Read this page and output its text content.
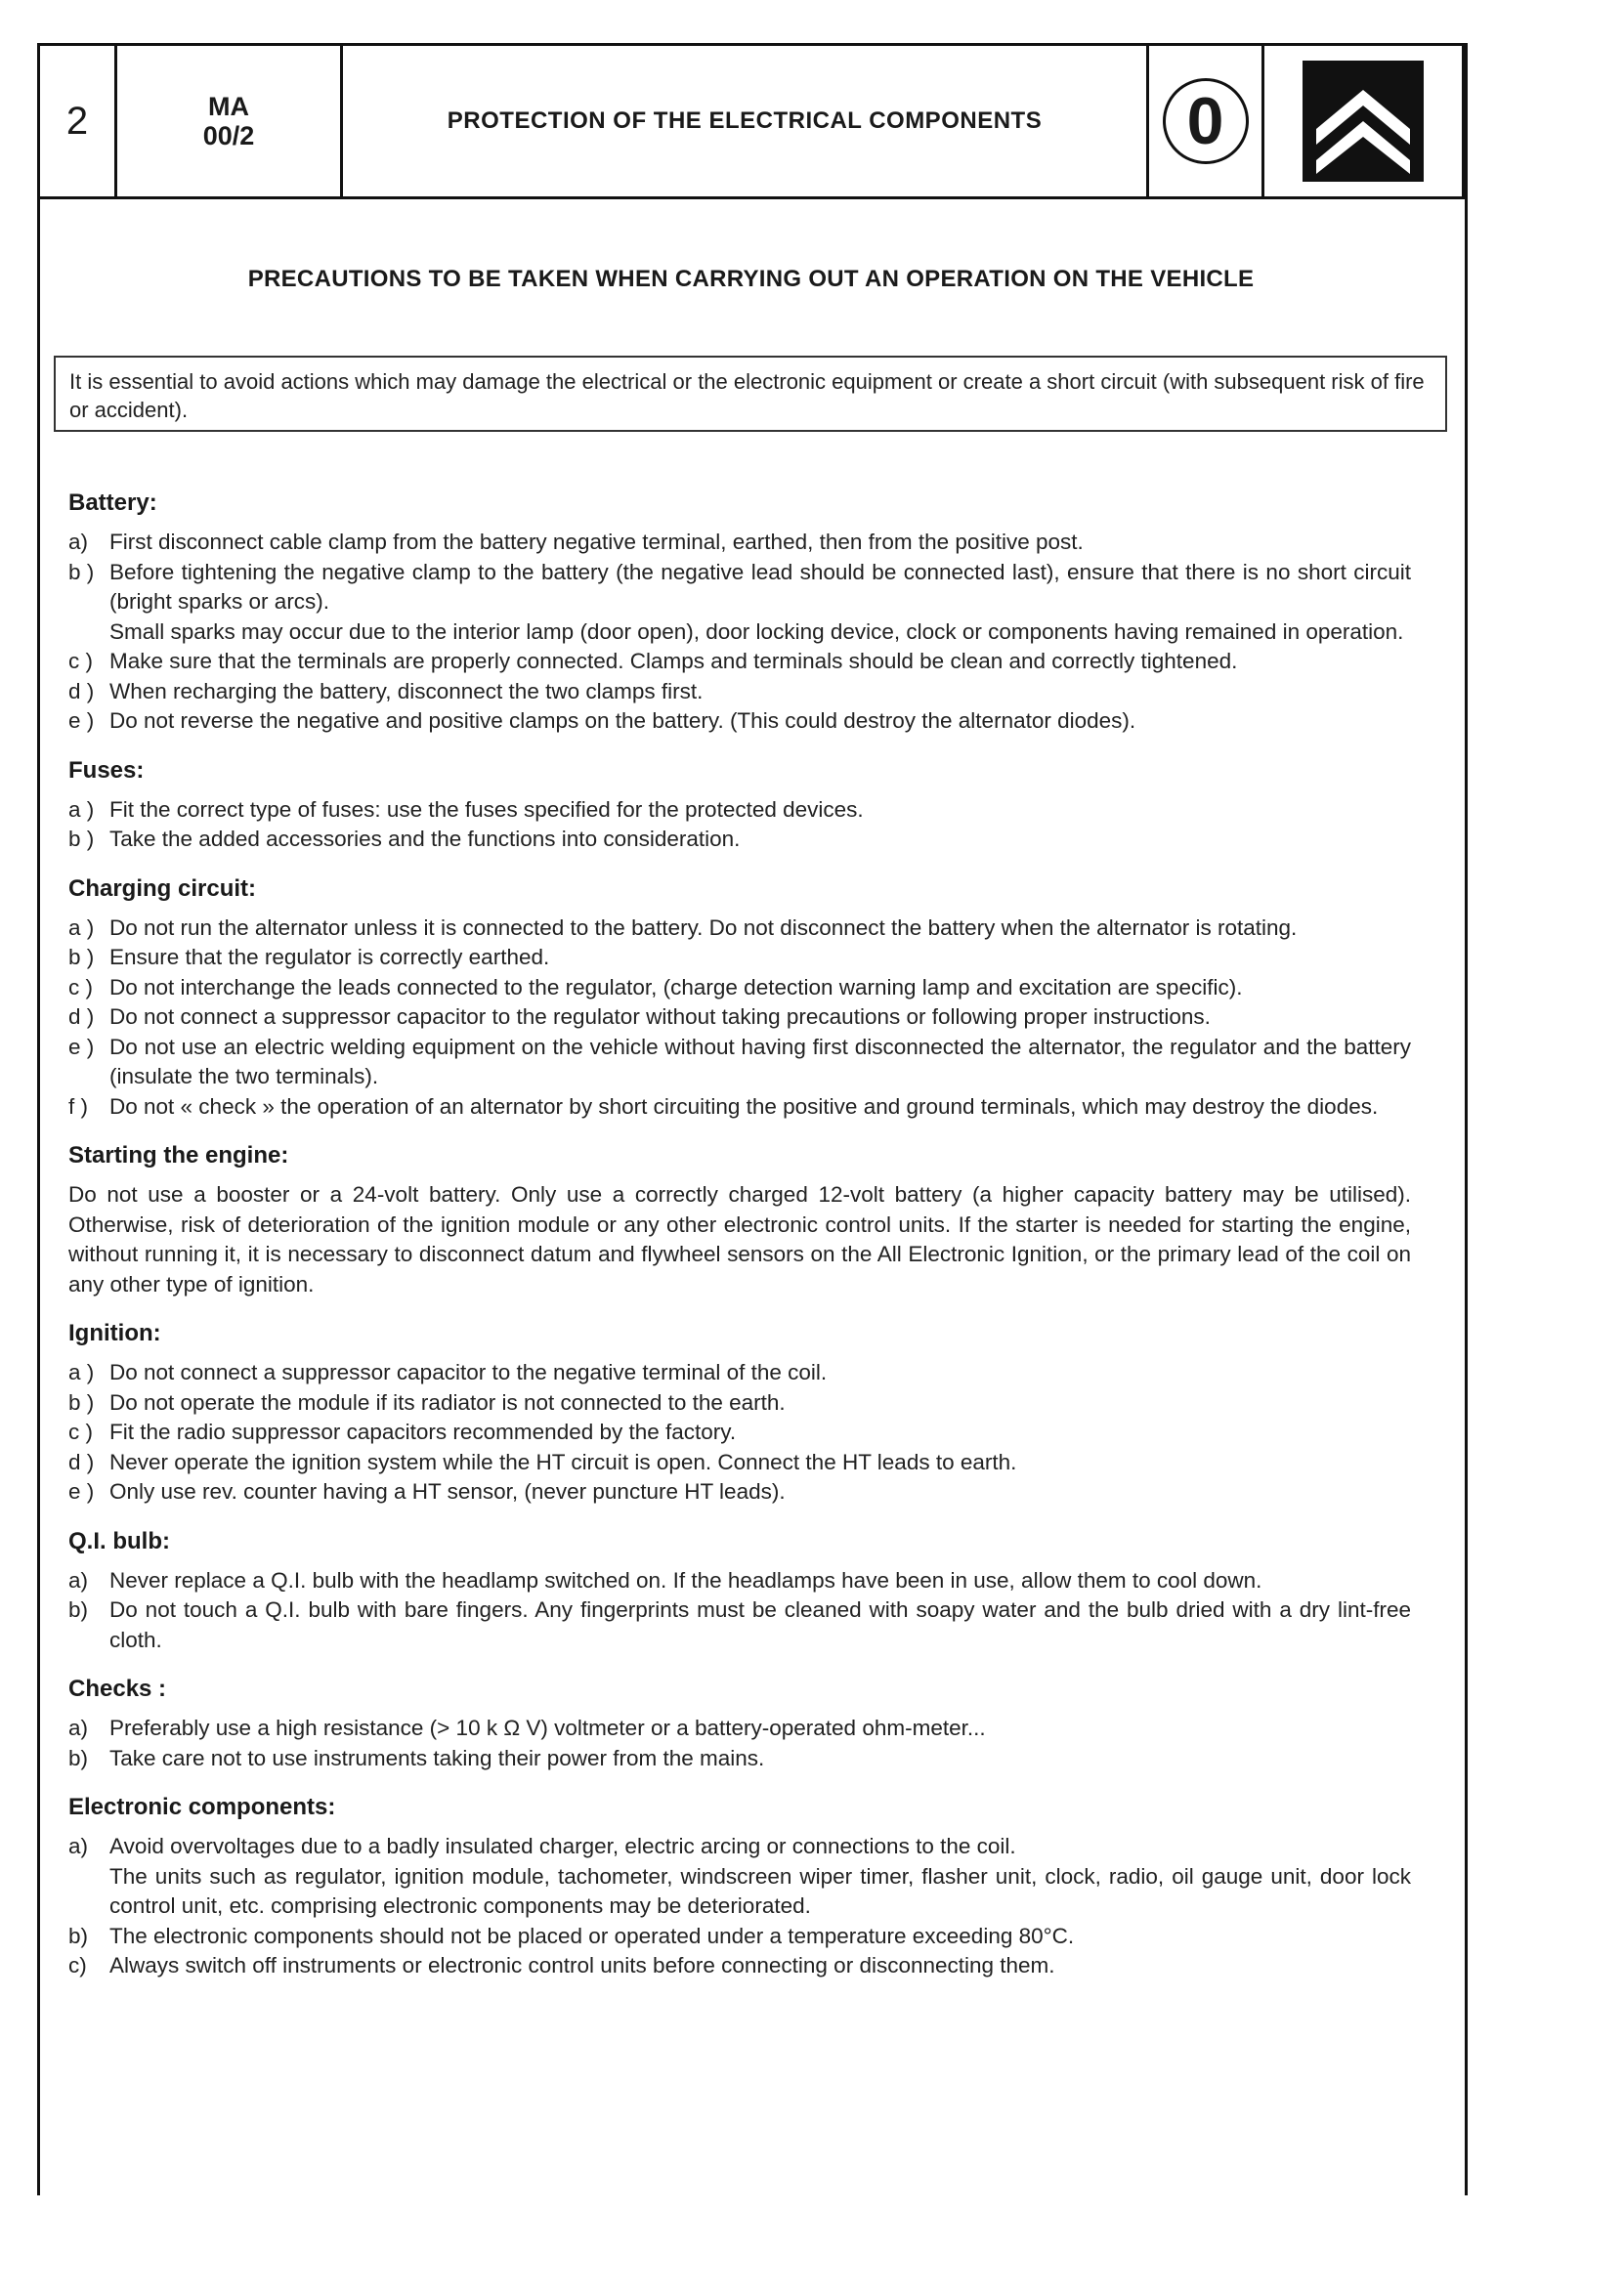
2	MA
00/2
PROTECTION OF THE ELECTRICAL COMPONENTS	0
PRECAUTIONS TO BE TAKEN WHEN CARRYING OUT AN OPERATION ON THE VEHICLE
It is essential to avoid actions which may damage the electrical or the electronic equipment or create a short circuit (with subsequent risk of fire or accident).
Battery:
a) First disconnect cable clamp from the battery negative terminal, earthed, then from the positive post.
b ) Before tightening the negative clamp to the battery (the negative lead should be connected last), ensure that there is no short circuit (bright sparks or arcs).

Small sparks may occur due to the interior lamp (door open), door locking device, clock or components having remained in operation.

c ) Make sure that the terminals are properly connected. Clamps and terminals should be clean and correctly tightened.
d ) When recharging the battery, disconnect the two clamps first.
e ) Do not reverse the negative and positive clamps on the battery. (This could destroy the alternator diodes).
Fuses:
a ) Fit the correct type of fuses: use the fuses specified for the protected devices.
b ) Take the added accessories and the functions into consideration.
Charging circuit:
a ) Do not run the alternator unless it is connected to the battery. Do not disconnect the battery when the alternator is rotating.
b ) Ensure that the regulator is correctly earthed.
c ) Do not interchange the leads connected to the regulator, (charge detection warning lamp and excitation are specific).
d ) Do not connect a suppressor capacitor to the regulator without taking precautions or following proper instructions.
e ) Do not use an electric welding equipment on the vehicle without having first disconnected the alternator, the regulator and the battery (insulate the two terminals).
f ) Do not « check » the operation of an alternator by short circuiting the positive and ground terminals, which may destroy the diodes.
Starting the engine:
Do not use a booster or a 24-volt battery. Only use a correctly charged 12-volt battery (a higher capacity battery may be utilised). Otherwise, risk of deterioration of the ignition module or any other electronic control units. If the starter is needed for starting the engine, without running it, it is necessary to disconnect datum and flywheel sensors on the All Electronic Ignition, or the primary lead of the coil on any other type of ignition.
Ignition:
a ) Do not connect a suppressor capacitor to the negative terminal of the coil.
b ) Do not operate the module if its radiator is not connected to the earth.
c ) Fit the radio suppressor capacitors recommended by the factory.
d ) Never operate the ignition system while the HT circuit is open. Connect the HT leads to earth.
e ) Only use rev. counter having a HT sensor, (never puncture HT leads).
Q.I. bulb:
a) Never replace a Q.I. bulb with the headlamp switched on. If the headlamps have been in use, allow them to cool down.
b) Do not touch a Q.I. bulb with bare fingers. Any fingerprints must be cleaned with soapy water and the bulb dried with a dry lint-free cloth.
Checks :
a) Preferably use a high resistance (> 10 k Ω V) voltmeter or a battery-operated ohm-meter...
b) Take care not to use instruments taking their power from the mains.
Electronic components:
a) Avoid overvoltages due to a badly insulated charger, electric arcing or connections to the coil.

The units such as regulator, ignition module, tachometer, windscreen wiper timer, flasher unit, clock, radio, oil gauge unit, door lock control unit, etc. comprising electronic components may be deteriorated.

b) The electronic components should not be placed or operated under a temperature exceeding 80°C.
c)	Always switch off instruments or electronic control units before connecting or disconnecting them.
